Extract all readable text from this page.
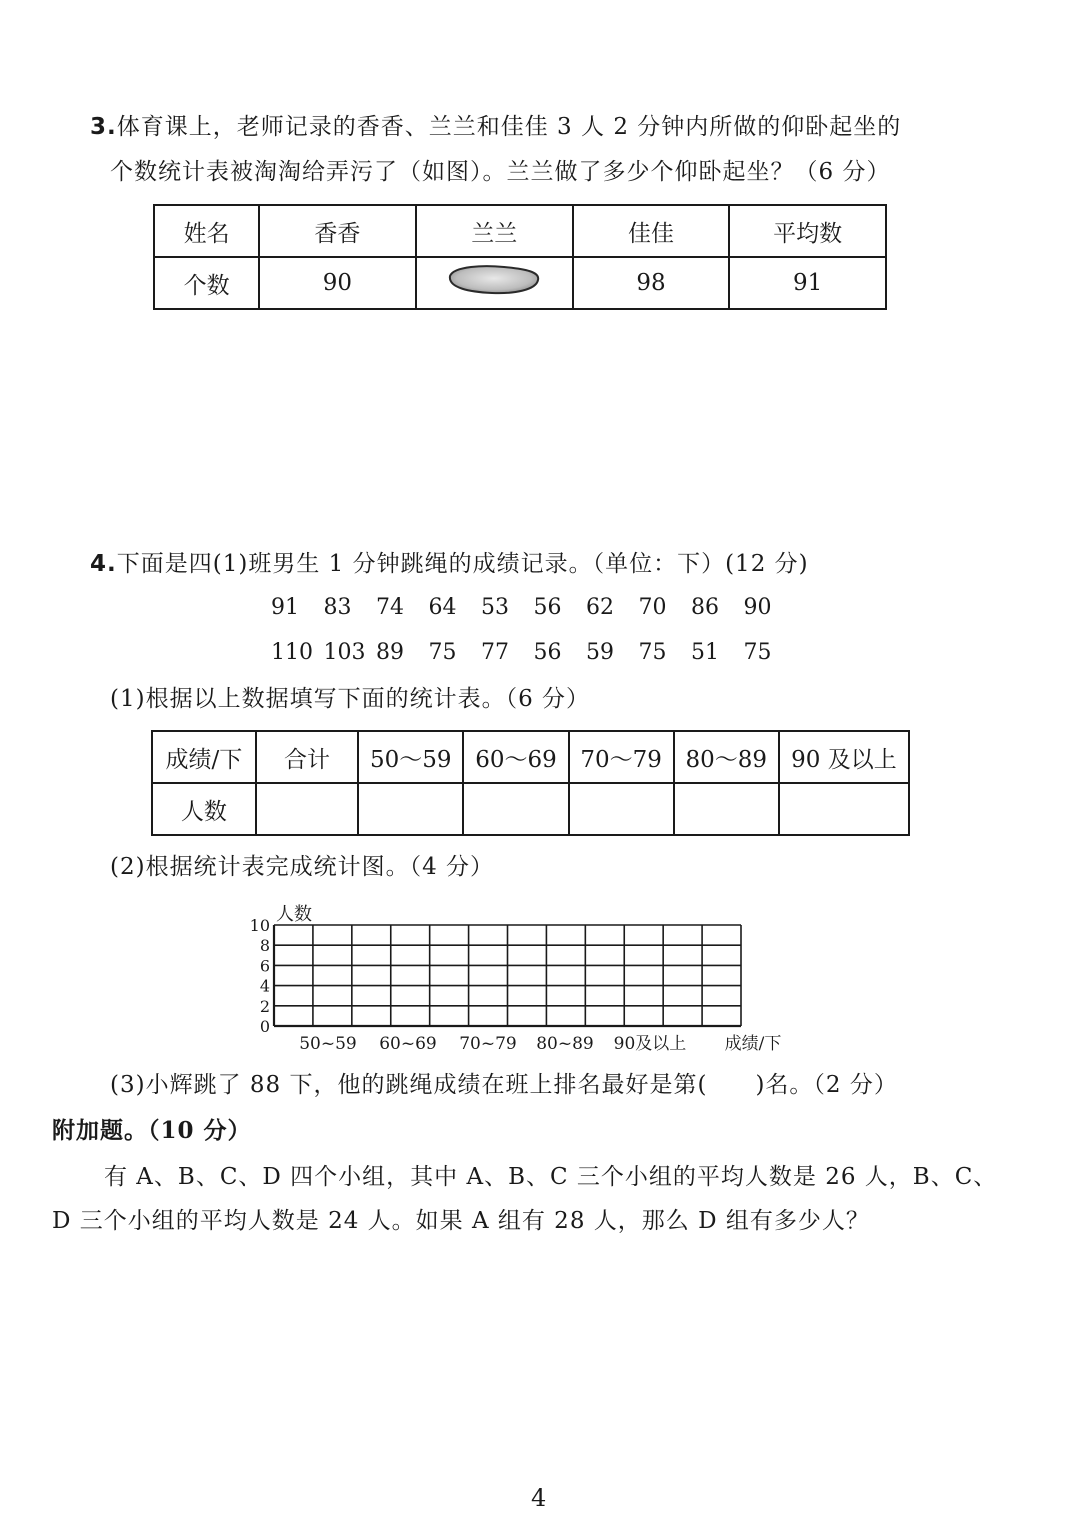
3.体育课上，老师记录的香香、兰兰和佳佳 3 人 2 分钟内所做的仰卧起坐的
个数统计表被淘淘给弄污了（如图）。兰兰做了多少个仰卧起坐？（6 分）
姓名	香香	兰兰	佳佳	平均数
个数	90		98	91
4.下面是四(1)班男生 1 分钟跳绳的成绩记录。（单位：下）(12 分)
91 83 74 64 53 56 62 70 86 90
110 103 89 75 77 56 59 75 51 75
(1)根据以上数据填写下面的统计表。（6 分）
成绩/下	合计	50～59	60～69	70～79	80～89	90 及以上
人数						
(2)根据统计表完成统计图。（4 分）
0
2
4
6
8
10
人数
50~59 60~69 70~79 80~89 90及以上 成绩/下
(3)小辉跳了 88 下，他的跳绳成绩在班上排名最好是第(　　)名。（2 分）
附加题。（10 分）
有 A、B、C、D 四个小组，其中 A、B、C 三个小组的平均人数是 26 人，B、C、
D 三个小组的平均人数是 24 人。如果 A 组有 28 人，那么 D 组有多少人？
4
